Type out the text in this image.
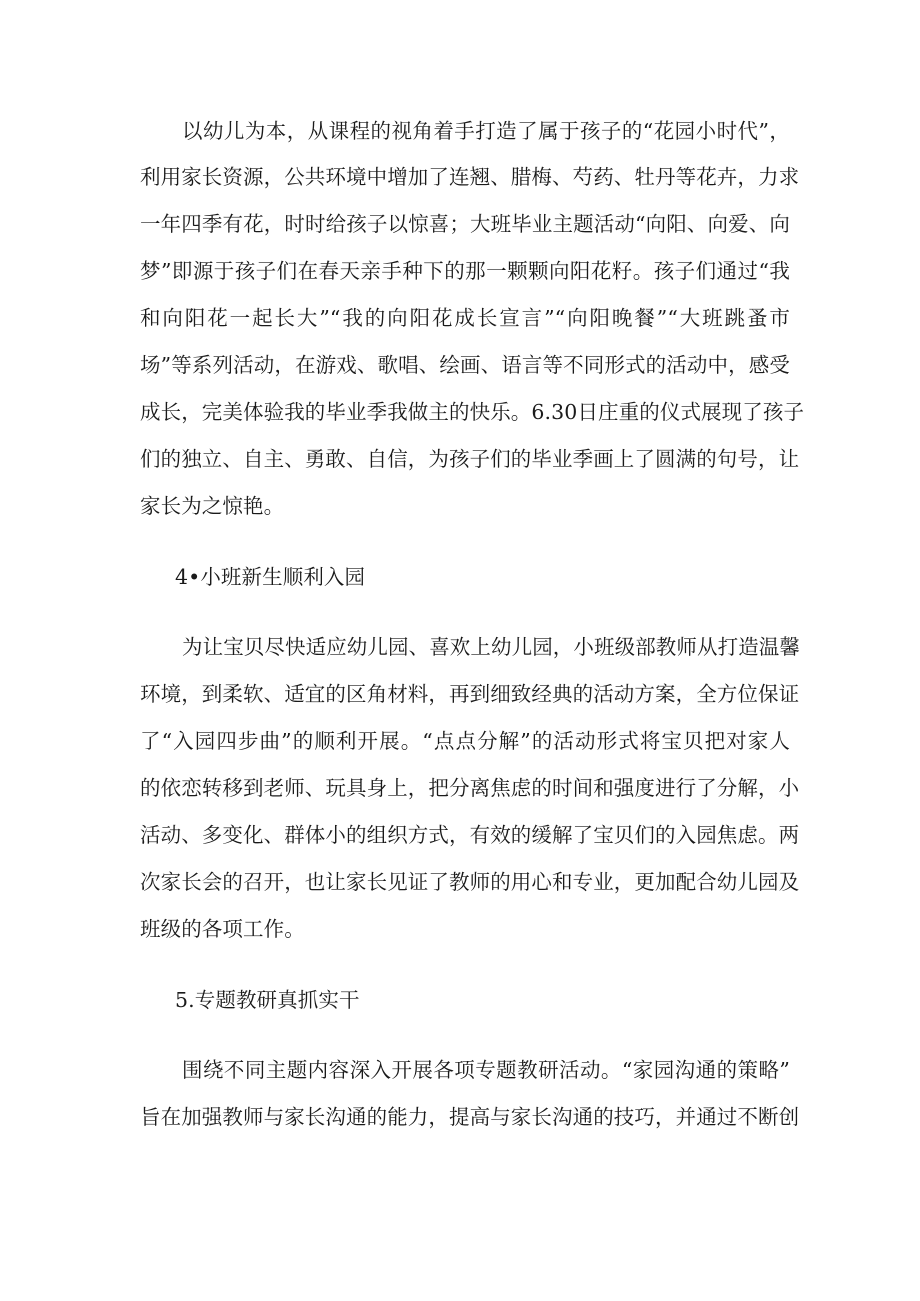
以幼儿为本，从课程的视角着手打造了属于孩子的“花园小时代”，
利用家长资源，公共环境中增加了连翘、腊梅、芍药、牡丹等花卉，力求
一年四季有花，时时给孩子以惊喜；大班毕业主题活动“向阳、向爱、向
梦”即源于孩子们在春天亲手种下的那一颗颗向阳花籽。孩子们通过“我
和向阳花一起长大”“我的向阳花成长宣言”“向阳晚餐”“大班跳蚤市
场”等系列活动，在游戏、歌唱、绘画、语言等不同形式的活动中，感受
成长，完美体验我的毕业季我做主的快乐。6.30日庄重的仪式展现了孩子
们的独立、自主、勇敢、自信，为孩子们的毕业季画上了圆满的句号，让
家长为之惊艳。
4•小班新生顺利入园
为让宝贝尽快适应幼儿园、喜欢上幼儿园，小班级部教师从打造温馨
环境，到柔软、适宜的区角材料，再到细致经典的活动方案，全方位保证
了“入园四步曲”的顺利开展。“点点分解”的活动形式将宝贝把对家人
的依恋转移到老师、玩具身上，把分离焦虑的时间和强度进行了分解，小
活动、多变化、群体小的组织方式，有效的缓解了宝贝们的入园焦虑。两
次家长会的召开，也让家长见证了教师的用心和专业，更加配合幼儿园及
班级的各项工作。
5.专题教研真抓实干
围绕不同主题内容深入开展各项专题教研活动。“家园沟通的策略”
旨在加强教师与家长沟通的能力，提高与家长沟通的技巧，并通过不断创
